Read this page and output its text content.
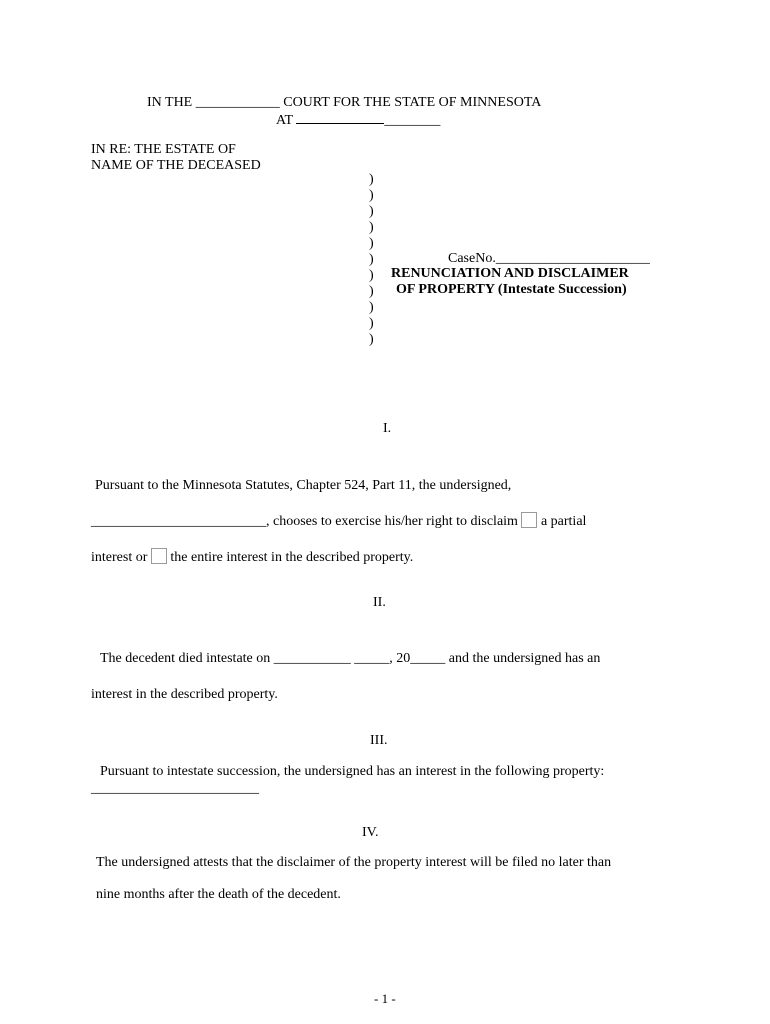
IN THE ____________ COURT FOR THE STATE OF MINNESOTA
AT	________
IN RE: THE ESTATE OF
NAME OF THE DECEASED
)
)
)
)
)
)
)
)
)
)
)
CaseNo.______________________
RENUNCIATION AND DISCLAIMER
OF PROPERTY (Intestate Succession)
I.
Pursuant to the Minnesota Statutes, Chapter 524, Part 11, the undersigned,
_________________________, chooses to exercise his/her right to disclaim a partial
interest or the entire interest in the described property.
II.
The decedent died intestate on ___________ _____, 20_____ and the undersigned has an
interest in the described property.
III.
Pursuant to intestate succession, the undersigned has an interest in the following property:
________________________
IV.
The undersigned attests that the disclaimer of the property interest will be filed no later than
nine months after the death of the decedent.
- 1 -
